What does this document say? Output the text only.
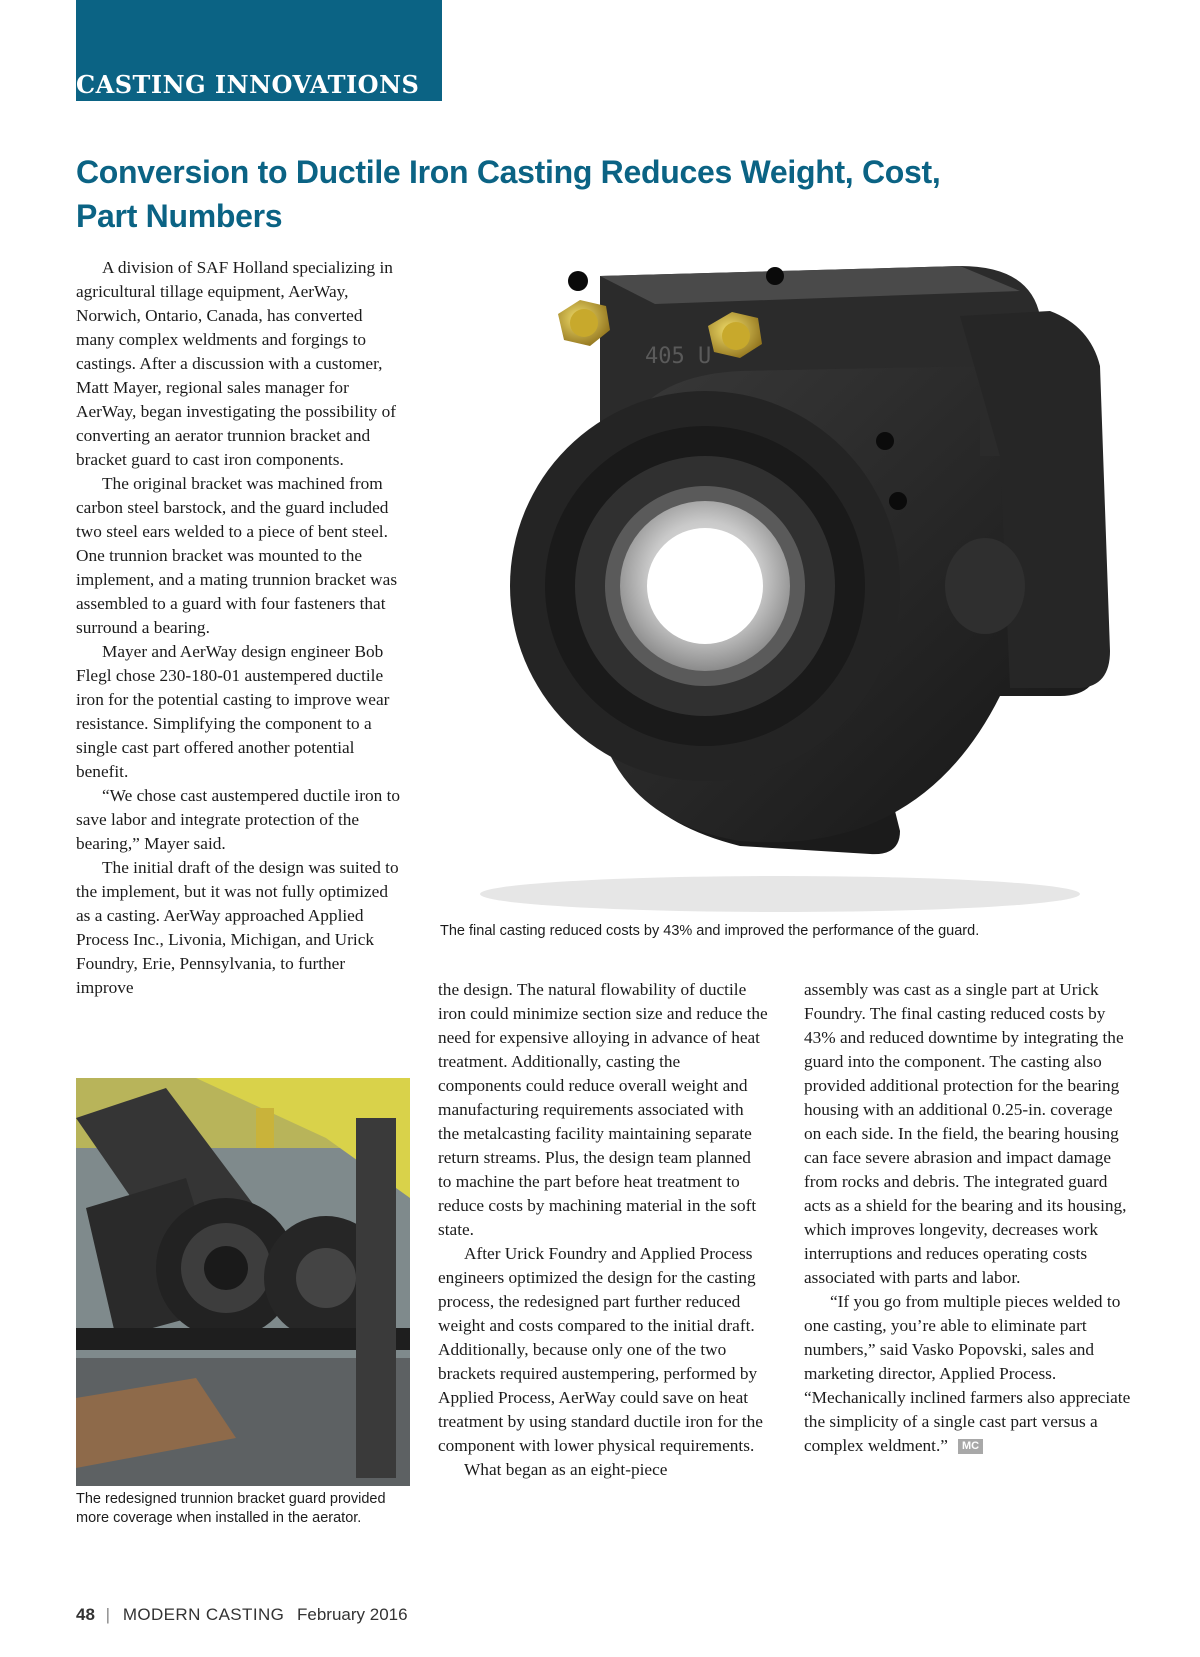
CASTING INNOVATIONS
Conversion to Ductile Iron Casting Reduces Weight, Cost, Part Numbers

A division of SAF Holland specializing in agricultural tillage equipment, AerWay, Norwich, Ontario, Canada, has converted many complex weldments and forgings to castings. After a discussion with a customer, Matt Mayer, regional sales manager for AerWay, began investigating the possibility of converting an aerator trunnion bracket and bracket guard to cast iron components.

The original bracket was machined from carbon steel barstock, and the guard included two steel ears welded to a piece of bent steel. One trunnion bracket was mounted to the implement, and a mating trunnion bracket was assembled to a guard with four fasteners that surround a bearing.

Mayer and AerWay design engineer Bob Flegl chose 230-180-01 austempered ductile iron for the potential casting to improve wear resistance. Simplifying the component to a single cast part offered another potential benefit.

“We chose cast austempered ductile iron to save labor and integrate protection of the bearing,” Mayer said.

The initial draft of the design was suited to the implement, but it was not fully optimized as a casting. AerWay approached Applied Process Inc., Livonia, Michigan, and Urick Foundry, Erie, Pennsylvania, to further improve

405 U

The final casting reduced costs by 43% and improved the performance of the guard.

the design. The natural flowability of ductile iron could minimize section size and reduce the need for expensive alloying in advance of heat treatment. Additionally, casting the components could reduce overall weight and manufacturing requirements associated with the metalcasting facility maintaining separate return streams. Plus, the design team planned to machine the part before heat treatment to reduce costs by machining material in the soft state.

After Urick Foundry and Applied Process engineers optimized the design for the casting process, the redesigned part further reduced weight and costs compared to the initial draft. Additionally, because only one of the two brackets required austempering, performed by Applied Process, AerWay could save on heat treatment by using standard ductile iron for the component with lower physical requirements.

What began as an eight-piece

assembly was cast as a single part at Urick Foundry. The final casting reduced costs by 43% and reduced downtime by integrating the guard into the component. The casting also provided additional protection for the bearing housing with an additional 0.25-in. coverage on each side. In the field, the bearing housing can face severe abrasion and impact damage from rocks and debris. The integrated guard acts as a shield for the bearing and its housing, which improves longevity, decreases work interruptions and reduces operating costs associated with parts and labor.

“If you go from multiple pieces welded to one casting, you’re able to eliminate part numbers,” said Vasko Popovski, sales and marketing director, Applied Process. “Mechanically inclined farmers also appreciate the simplicity of a single cast part versus a complex weldment.” MC

The redesigned trunnion bracket guard provided more coverage when installed in the aerator.

48 | MODERN CASTING February 2016
